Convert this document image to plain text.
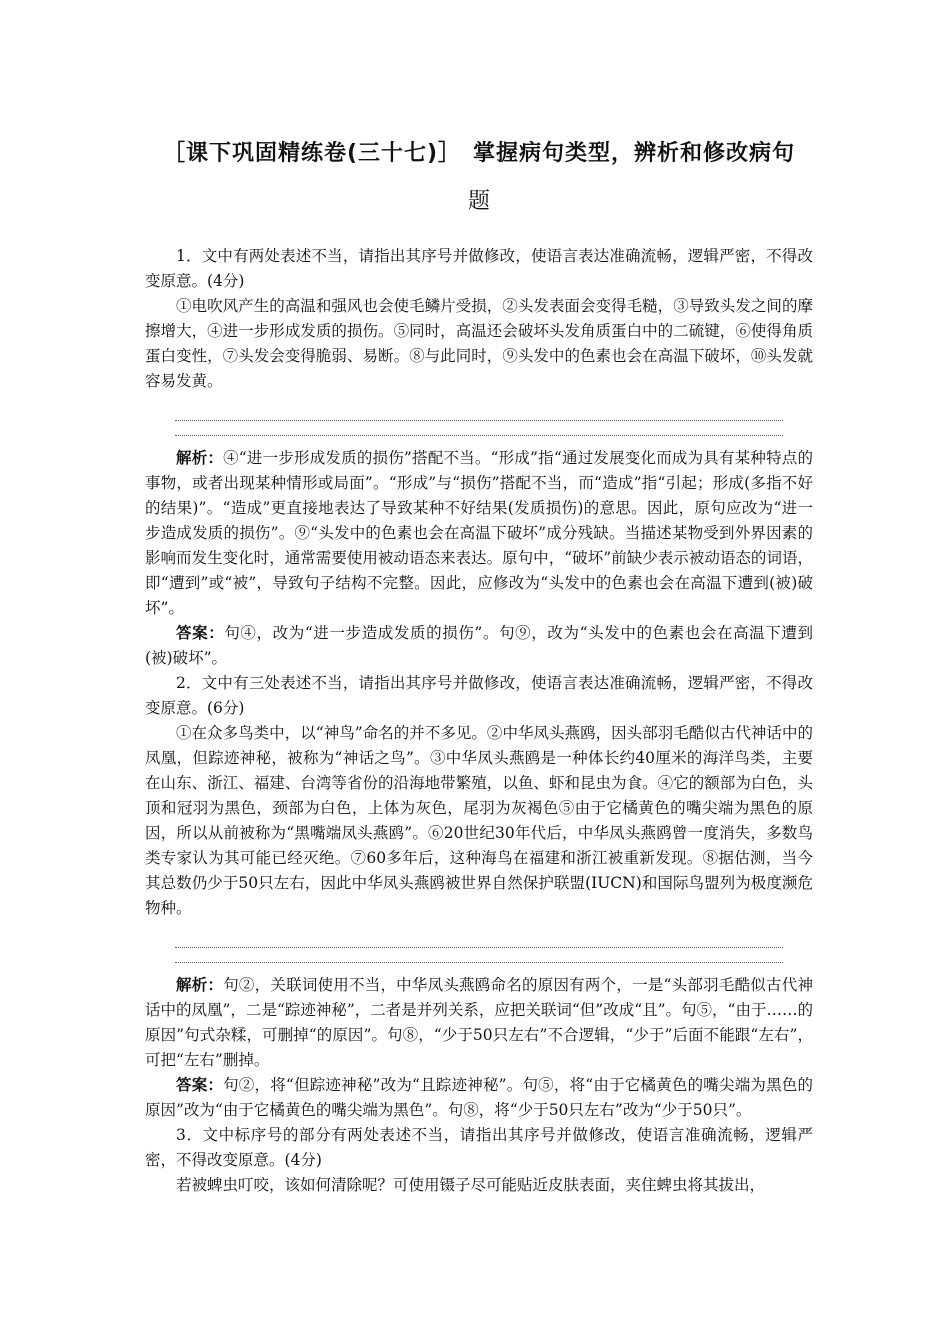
［课下巩固精练卷(三十七)］　掌握病句类型，辨析和修改病句
题

1．文中有两处表述不当，请指出其序号并做修改，使语言表达准确流畅，逻辑严密，不得改变原意。(4分)

①电吹风产生的高温和强风也会使毛鳞片受损，②头发表面会变得毛糙，③导致头发之间的摩擦增大，④进一步形成发质的损伤。⑤同时，高温还会破坏头发角质蛋白中的二硫键，⑥使得角质蛋白变性，⑦头发会变得脆弱、易断。⑧与此同时，⑨头发中的色素也会在高温下破坏，⑩头发就容易发黄。

解析：④“进一步形成发质的损伤”搭配不当。“形成”指“通过发展变化而成为具有某种特点的事物，或者出现某种情形或局面”。“形成”与“损伤”搭配不当，而“造成”指“引起；形成(多指不好的结果)”。“造成”更直接地表达了导致某种不好结果(发质损伤)的意思。因此，原句应改为“进一步造成发质的损伤”。⑨“头发中的色素也会在高温下破坏”成分残缺。当描述某物受到外界因素的影响而发生变化时，通常需要使用被动语态来表达。原句中，“破坏”前缺少表示被动语态的词语，即“遭到”或“被”，导致句子结构不完整。因此，应修改为“头发中的色素也会在高温下遭到(被)破坏”。

答案：句④，改为“进一步造成发质的损伤”。句⑨，改为“头发中的色素也会在高温下遭到(被)破坏”。

2．文中有三处表述不当，请指出其序号并做修改，使语言表达准确流畅，逻辑严密，不得改变原意。(6分)

①在众多鸟类中，以“神鸟”命名的并不多见。②中华凤头燕鸥，因头部羽毛酷似古代神话中的凤凰，但踪迹神秘，被称为“神话之鸟”。③中华凤头燕鸥是一种体长约40厘米的海洋鸟类，主要在山东、浙江、福建、台湾等省份的沿海地带繁殖，以鱼、虾和昆虫为食。④它的额部为白色，头顶和冠羽为黑色，颈部为白色，上体为灰色，尾羽为灰褐色⑤由于它橘黄色的嘴尖端为黑色的原因，所以从前被称为“黑嘴端凤头燕鸥”。⑥20世纪30年代后，中华凤头燕鸥曾一度消失，多数鸟类专家认为其可能已经灭绝。⑦60多年后，这种海鸟在福建和浙江被重新发现。⑧据估测，当今其总数仍少于50只左右，因此中华凤头燕鸥被世界自然保护联盟(IUCN)和国际鸟盟列为极度濒危物种。

解析：句②，关联词使用不当，中华凤头燕鸥命名的原因有两个，一是“头部羽毛酷似古代神话中的凤凰”，二是“踪迹神秘”，二者是并列关系，应把关联词“但”改成“且”。句⑤，“由于……的原因”句式杂糅，可删掉“的原因”。句⑧，“少于50只左右”不合逻辑，“少于”后面不能跟“左右”，可把“左右”删掉。

答案：句②，将“但踪迹神秘”改为“且踪迹神秘”。句⑤，将“由于它橘黄色的嘴尖端为黑色的原因”改为“由于它橘黄色的嘴尖端为黑色”。句⑧，将“少于50只左右”改为“少于50只”。

3．文中标序号的部分有两处表述不当，请指出其序号并做修改，使语言准确流畅，逻辑严密，不得改变原意。(4分)

若被蜱虫叮咬，该如何清除呢？可使用镊子尽可能贴近皮肤表面，夹住蜱虫将其拔出，
